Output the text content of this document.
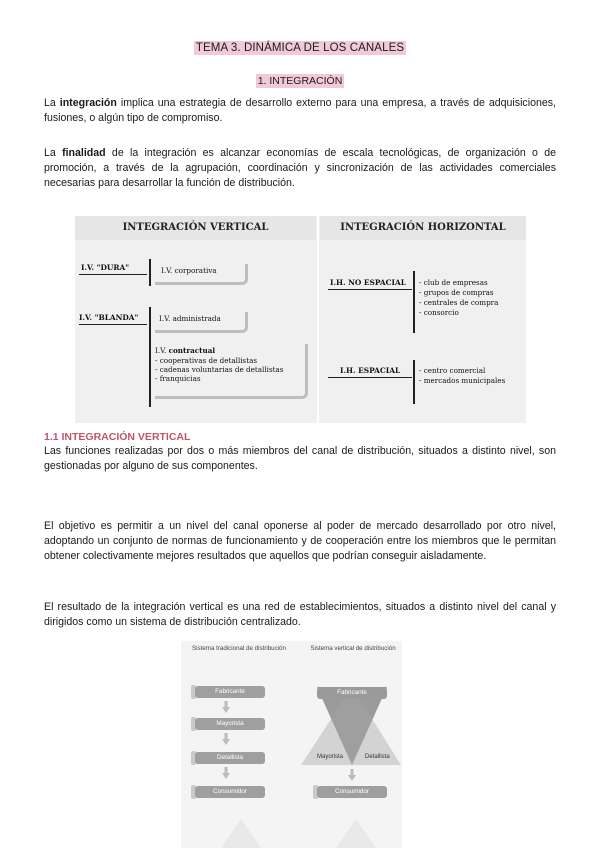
TEMA 3. DINÁMICA DE LOS CANALES
1. INTEGRACIÓN

La integración implica una estrategia de desarrollo externo para una empresa, a través de adquisiciones, fusiones, o algún tipo de compromiso.

La finalidad de la integración es alcanzar economías de escala tecnológicas, de organización o de promoción, a través de la agrupación, coordinación y sincronización de las actividades comerciales necesarias para desarrollar la función de distribución.

INTEGRACIÓN VERTICAL	INTEGRACIÓN HORIZONTAL
I.V. "DURA"	I.V. corporativa
I.V. "BLANDA"	I.V. administrada
I.V. contractual
- cooperativas de detallistas
- cadenas voluntarias de detallistas
- franquicias
I.H. NO ESPACIAL - club de empresas
- grupos de compras
- centrales de compra
- consorcio
I.H. ESPACIAL	- centro comercial
- mercados municipales
1.1 INTEGRACIÓN VERTICAL

Las funciones realizadas por dos o más miembros del canal de distribución, situados a distinto nivel, son gestionadas por alguno de sus componentes.

El objetivo es permitir a un nivel del canal oponerse al poder de mercado desarrollado por otro nivel, adoptando un conjunto de normas de funcionamiento y de cooperación entre los miembros que le permitan obtener colectivamente mejores resultados que aquellos que podrían conseguir aisladamente.

El resultado de la integración vertical es una red de establecimientos, situados a distinto nivel del canal y dirigidos como un sistema de distribución centralizado.

Sistema tradicional de distribución	Sistema vertical de distribución
Fabricante
Mayorista
Detallista
Consumidor
Fabricante
Mayorista	Detallista
Consumidor
